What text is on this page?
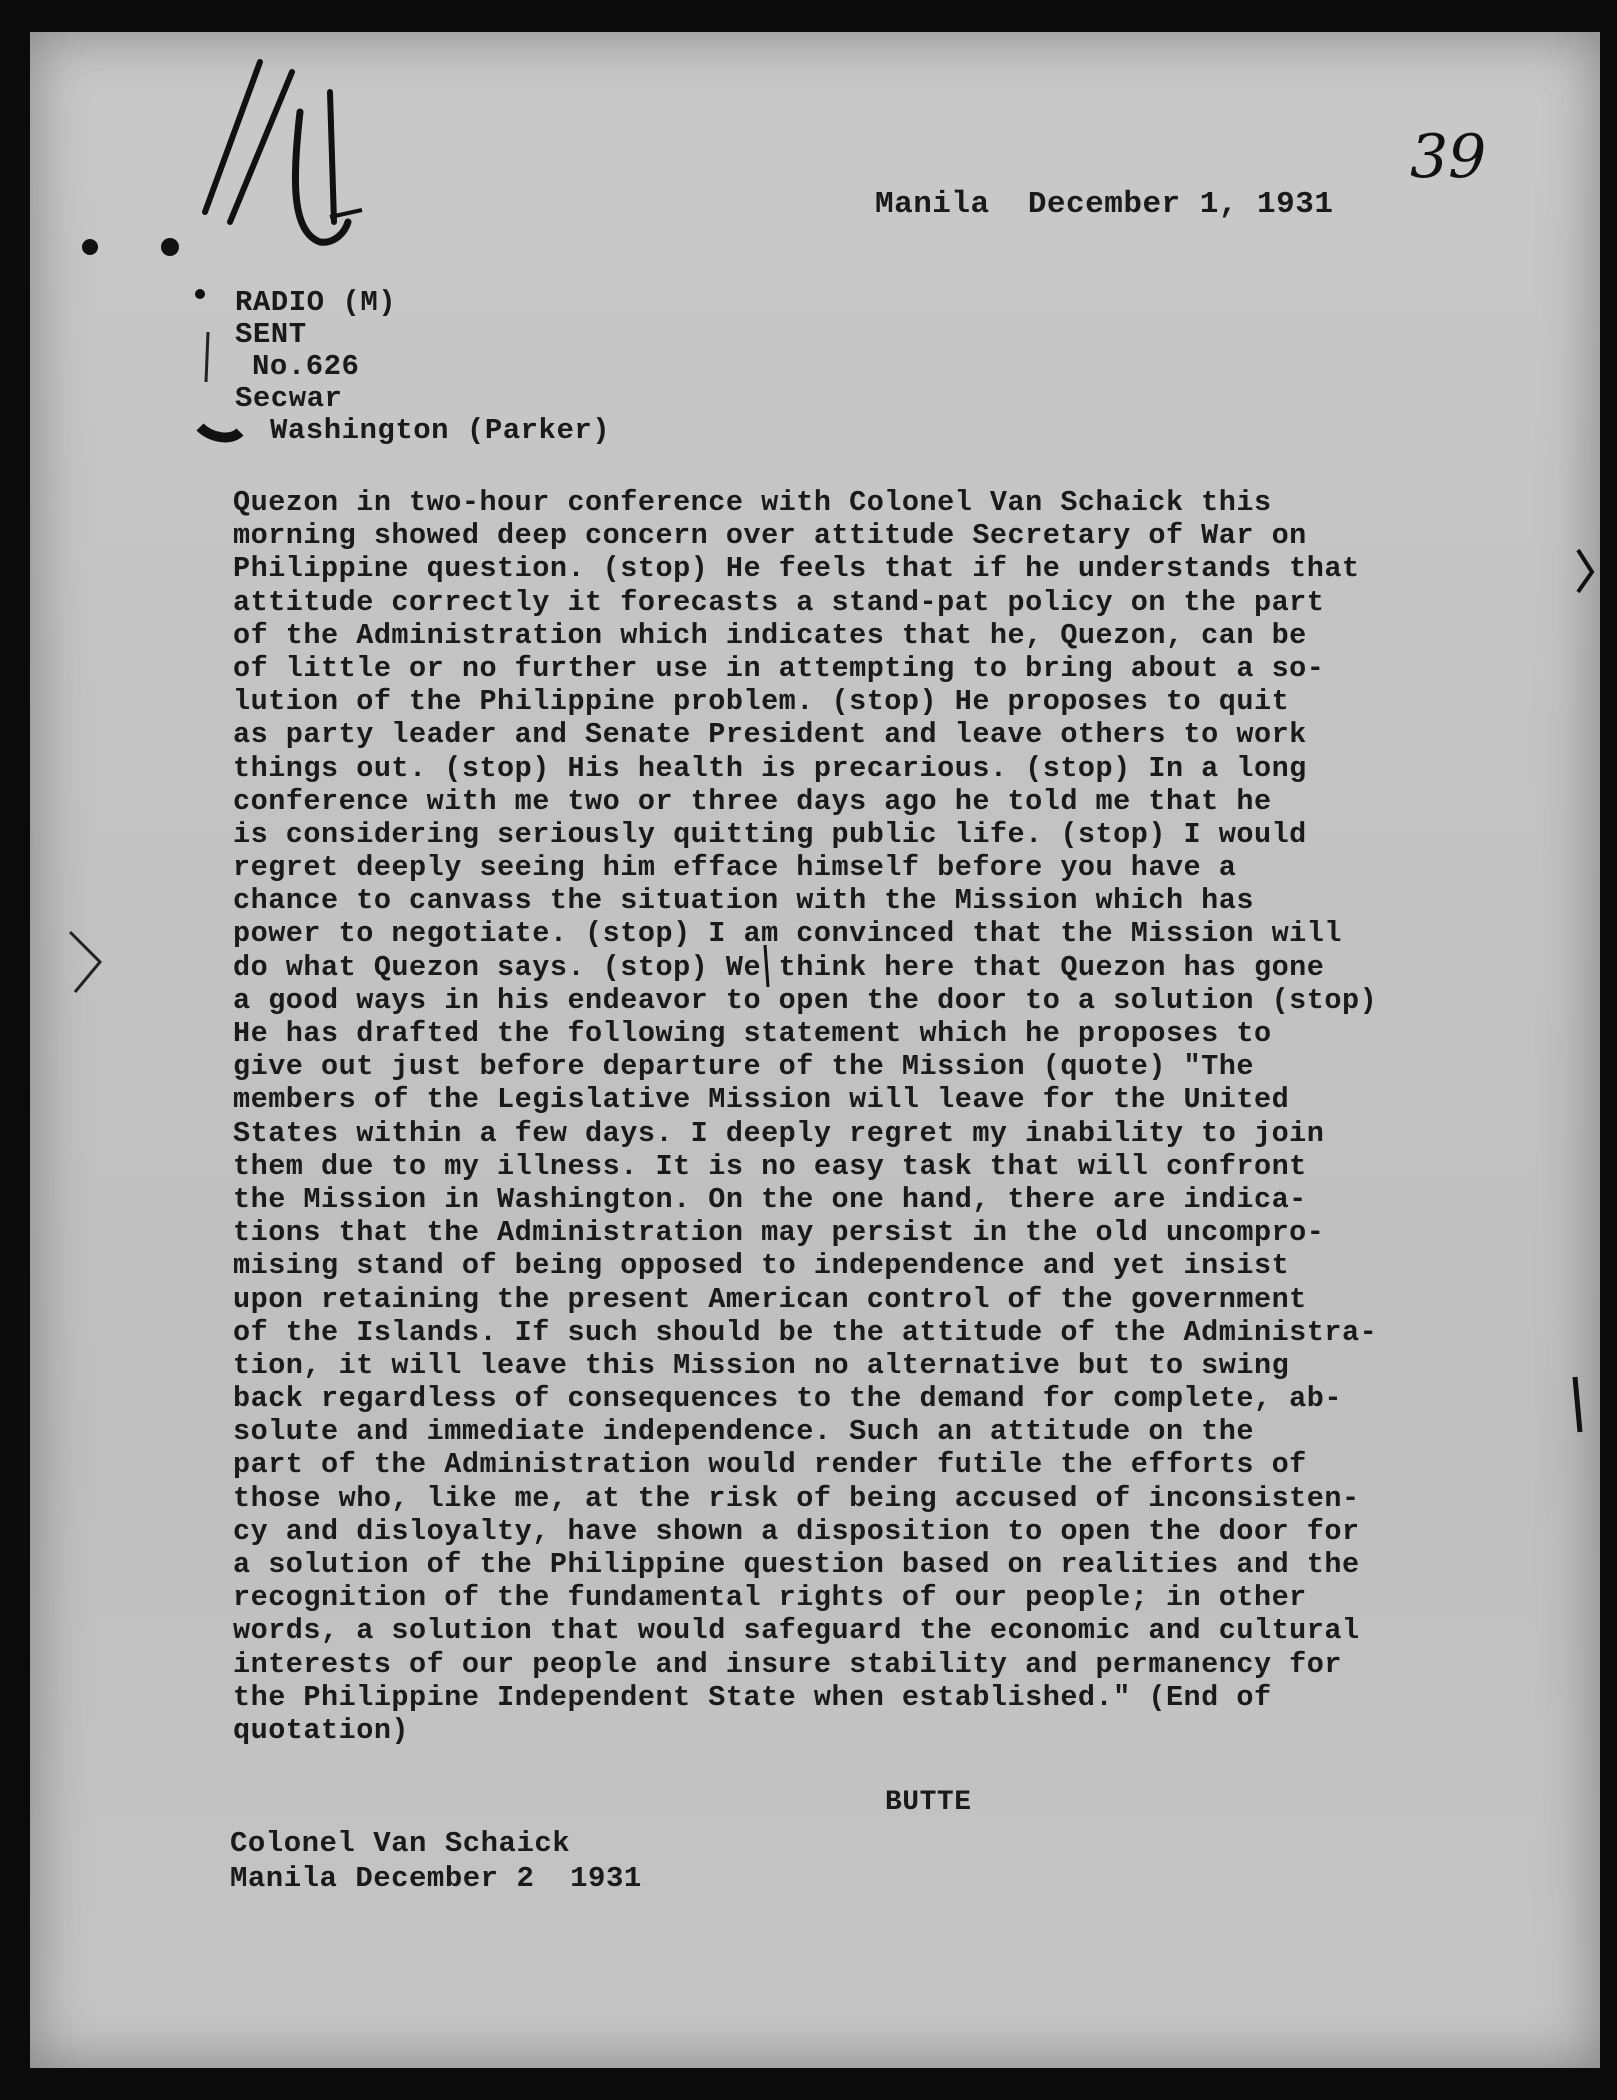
39
Manila  December 1, 1931
RADIO (M)
SENT
No.626
Secwar
Washington (Parker)
Quezon in two-hour conference with Colonel Van Schaick this
morning showed deep concern over attitude Secretary of War on
Philippine question. (stop) He feels that if he understands that
attitude correctly it forecasts a stand-pat policy on the part
of the Administration which indicates that he, Quezon, can be
of little or no further use in attempting to bring about a so-
lution of the Philippine problem. (stop) He proposes to quit
as party leader and Senate President and leave others to work
things out. (stop) His health is precarious. (stop) In a long
conference with me two or three days ago he told me that he
is considering seriously quitting public life. (stop) I would
regret deeply seeing him efface himself before you have a
chance to canvass the situation with the Mission which has
power to negotiate. (stop) I am convinced that the Mission will
do what Quezon says. (stop) We think here that Quezon has gone
a good ways in his endeavor to open the door to a solution (stop)
He has drafted the following statement which he proposes to
give out just before departure of the Mission (quote) "The
members of the Legislative Mission will leave for the United
States within a few days. I deeply regret my inability to join
them due to my illness. It is no easy task that will confront
the Mission in Washington. On the one hand, there are indica-
tions that the Administration may persist in the old uncompro-
mising stand of being opposed to independence and yet insist
upon retaining the present American control of the government
of the Islands. If such should be the attitude of the Administra-
tion, it will leave this Mission no alternative but to swing
back regardless of consequences to the demand for complete, ab-
solute and immediate independence. Such an attitude on the
part of the Administration would render futile the efforts of
those who, like me, at the risk of being accused of inconsisten-
cy and disloyalty, have shown a disposition to open the door for
a solution of the Philippine question based on realities and the
recognition of the fundamental rights of our people; in other
words, a solution that would safeguard the economic and cultural
interests of our people and insure stability and permanency for
the Philippine Independent State when established." (End of
quotation)
BUTTE
Colonel Van Schaick
Manila December 2  1931
